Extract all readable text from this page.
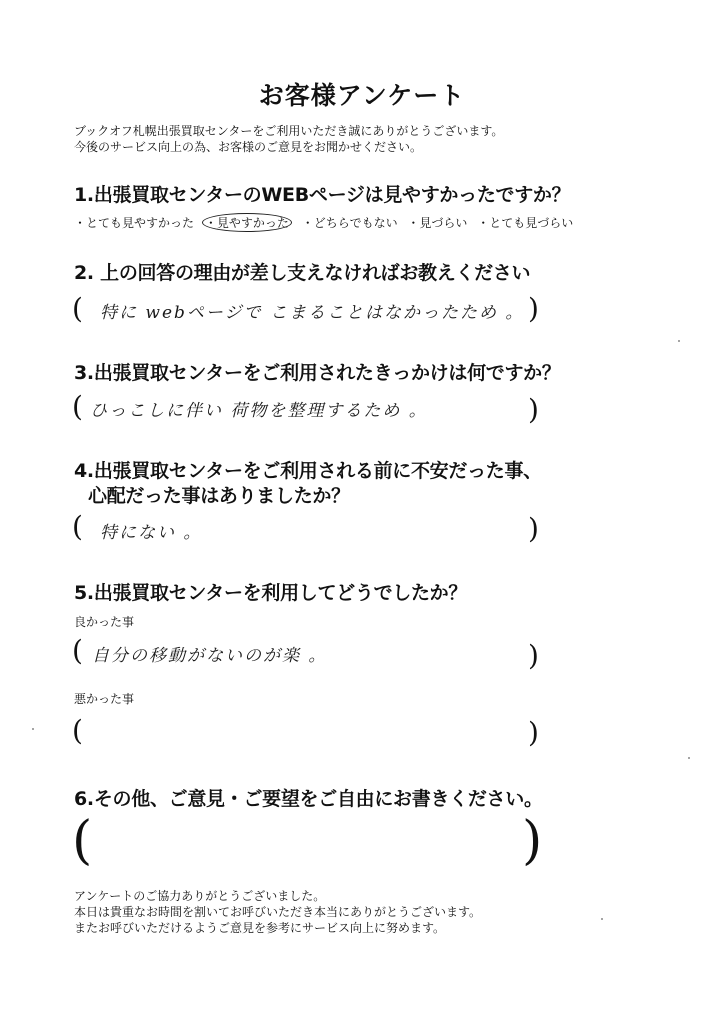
お客様アンケート
ブックオフ札幌出張買取センターをご利用いただき誠にありがとうございます。
今後のサービス向上の為、お客様のご意見をお聞かせください。
1.出張買取センターのWEBページは見やすかったですか？
・とても見やすかった ・見やすかった ・どちらでもない ・見づらい ・とても見づらい
2. 上の回答の理由が差し支えなければお教えください
( 特に webページで こまることはなかったため 。 )
3.出張買取センターをご利用されたきっかけは何ですか？
( ひっこしに伴い 荷物を整理するため 。	)
4.出張買取センターをご利用される前に不安だった事、
心配だった事はありましたか？
( 特にない 。	)
5.出張買取センターを利用してどうでしたか？
良かった事
( 自分の移動がないのが楽 。	)
悪かった事
(	)
6.その他、ご意見・ご要望をご自由にお書きください。
(	)
アンケートのご協力ありがとうございました。
本日は貴重なお時間を割いてお呼びいただき本当にありがとうございます。
またお呼びいただけるようご意見を参考にサービス向上に努めます。
